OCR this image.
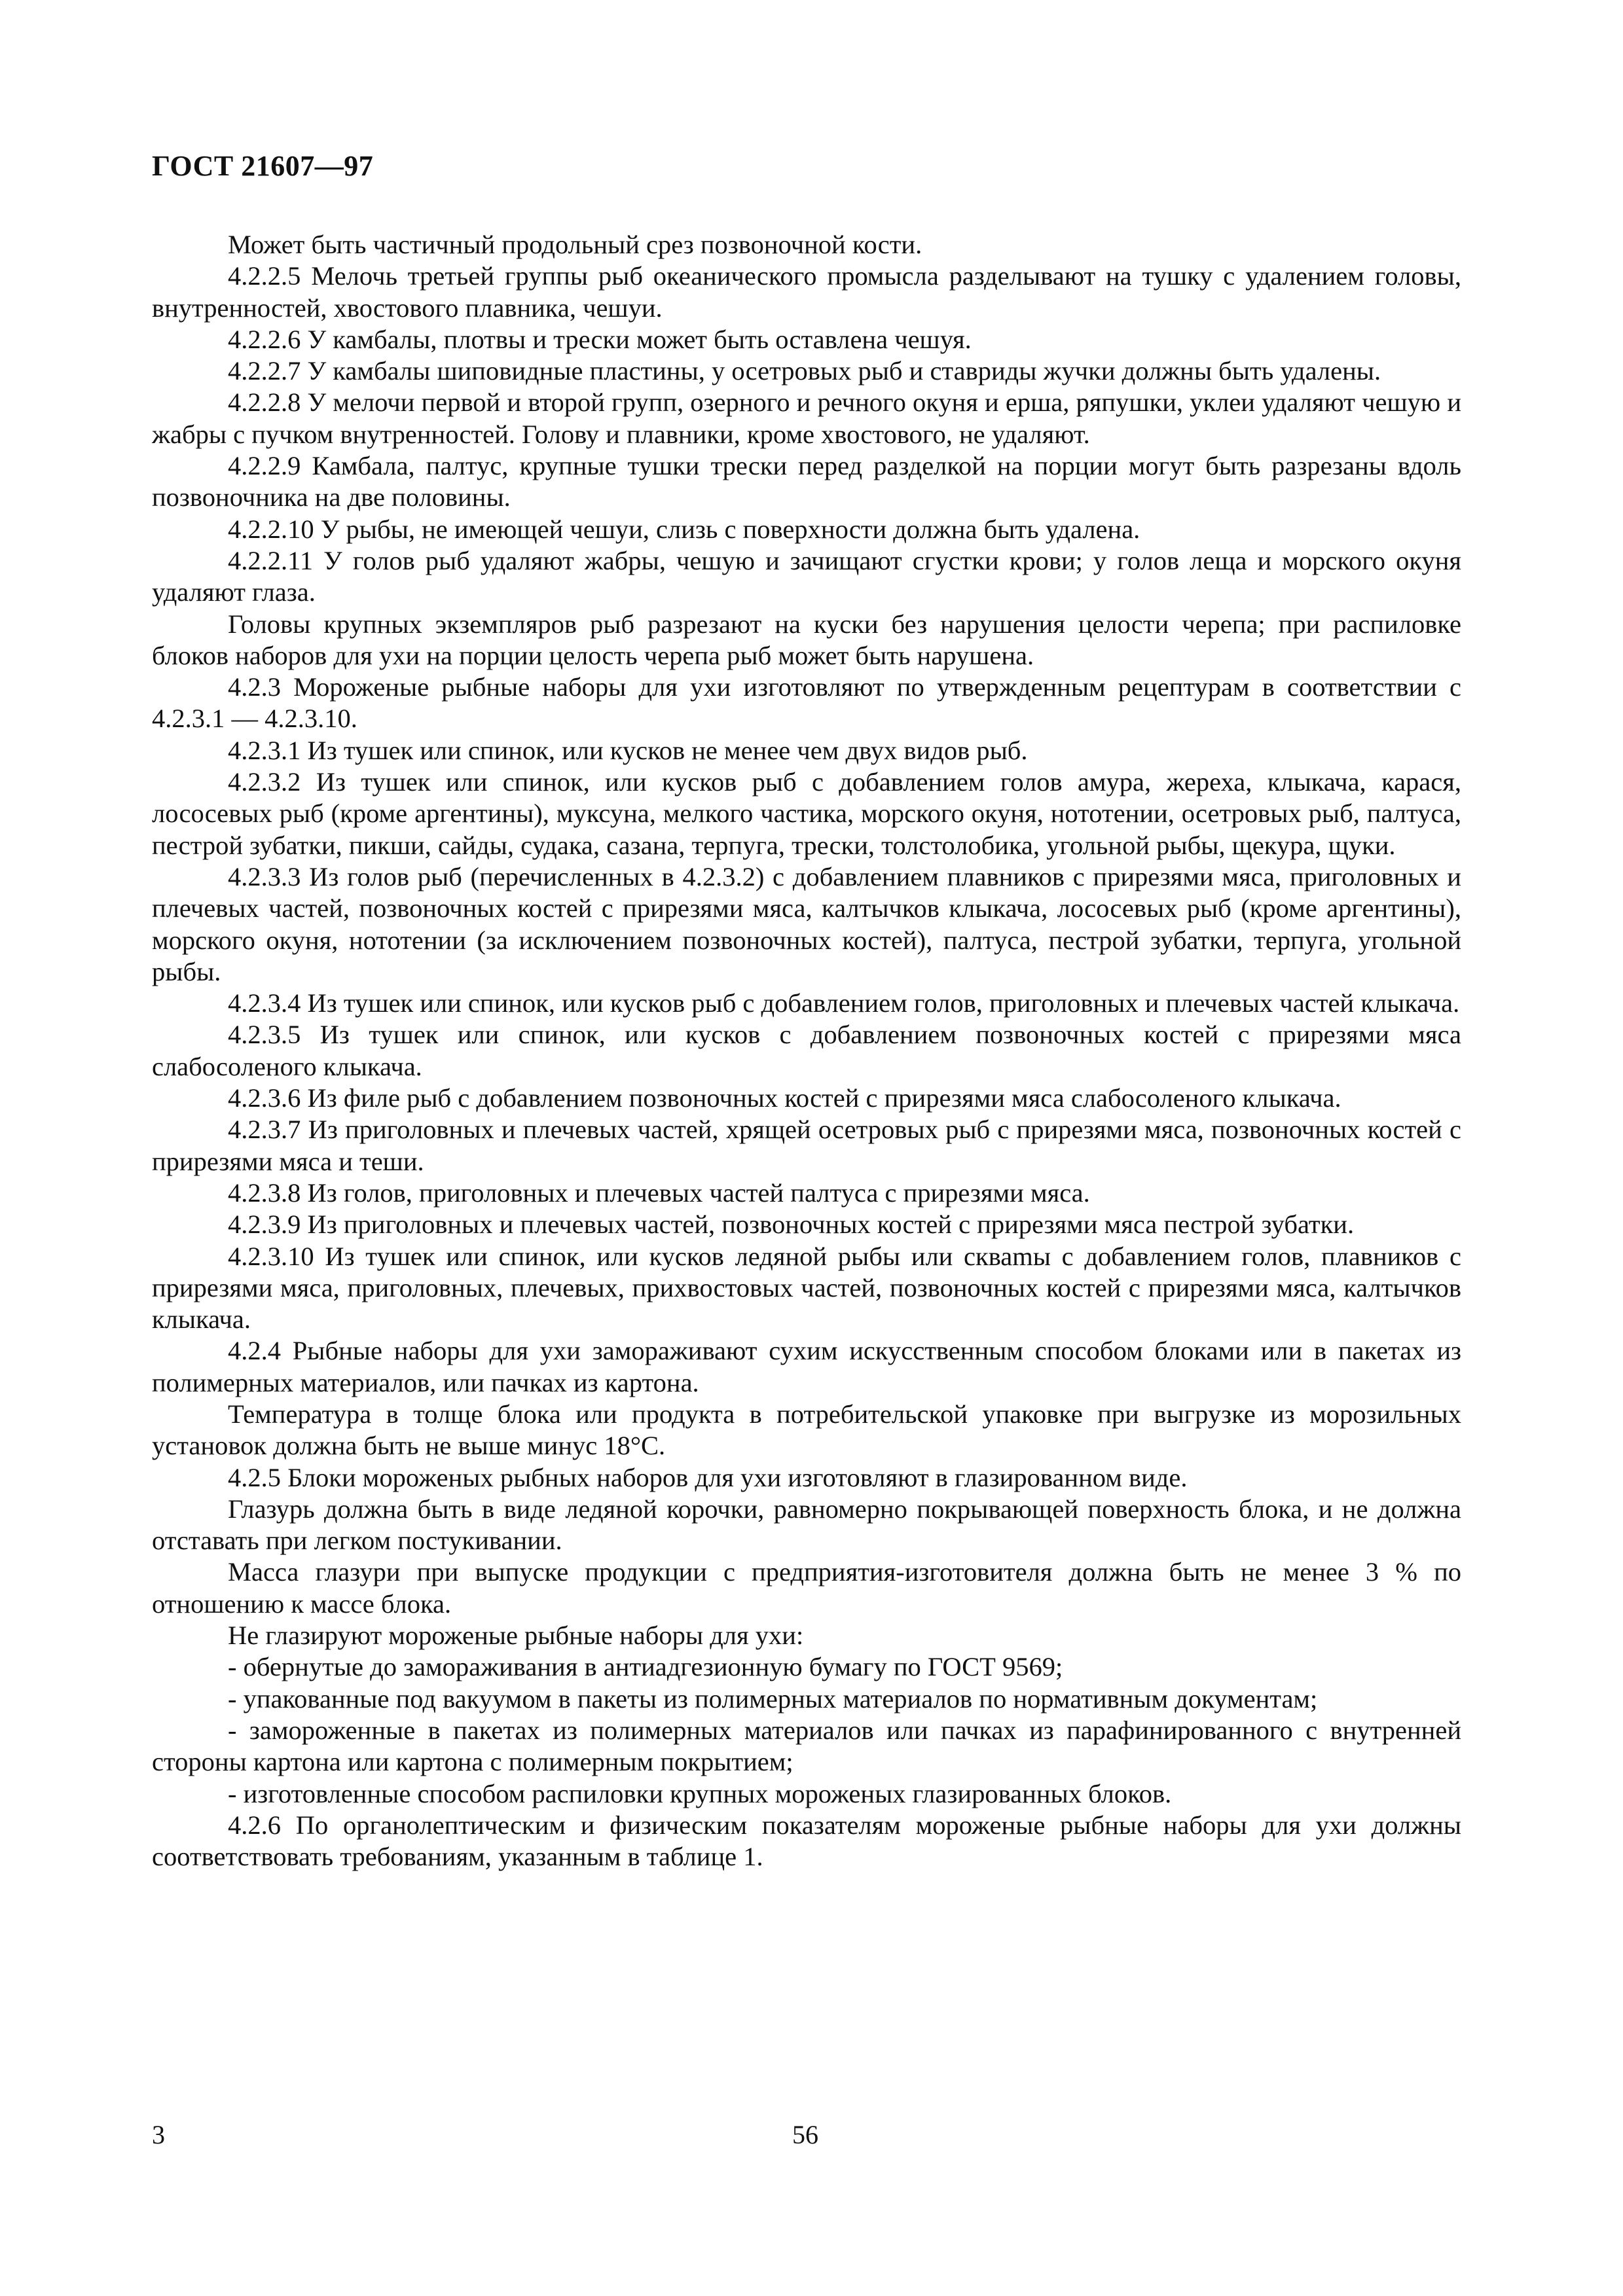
ГОСТ 21607—97

Может быть частичный продольный срез позвоночной кости.

4.2.2.5 Мелочь третьей группы рыб океанического промысла разделывают на тушку с удалением головы, внутренностей, хвостового плавника, чешуи.

4.2.2.6 У камбалы, плотвы и трески может быть оставлена чешуя.

4.2.2.7 У камбалы шиповидные пластины, у осетровых рыб и ставриды жучки должны быть удалены.

4.2.2.8 У мелочи первой и второй групп, озерного и речного окуня и ерша, ряпушки, уклеи удаляют чешую и жабры с пучком внутренностей. Голову и плавники, кроме хвостового, не удаляют.

4.2.2.9 Камбала, палтус, крупные тушки трески перед разделкой на порции могут быть разрезаны вдоль позвоночника на две половины.

4.2.2.10 У рыбы, не имеющей чешуи, слизь с поверхности должна быть удалена.

4.2.2.11 У голов рыб удаляют жабры, чешую и зачищают сгустки крови; у голов леща и морского окуня удаляют глаза.

Головы крупных экземпляров рыб разрезают на куски без нарушения целости черепа; при распиловке блоков наборов для ухи на порции целость черепа рыб может быть нарушена.

4.2.3 Мороженые рыбные наборы для ухи изготовляют по утвержденным рецептурам в соответствии с 4.2.3.1 — 4.2.3.10.

4.2.3.1 Из тушек или спинок, или кусков не менее чем двух видов рыб.

4.2.3.2 Из тушек или спинок, или кусков рыб с добавлением голов амура, жереха, клыкача, карася, лососевых рыб (кроме аргентины), муксуна, мелкого частика, морского окуня, нототении, осетровых рыб, палтуса, пестрой зубатки, пикши, сайды, судака, сазана, терпуга, трески, толстолобика, угольной рыбы, щекура, щуки.

4.2.3.3 Из голов рыб (перечисленных в 4.2.3.2) с добавлением плавников с прирезями мяса, приголовных и плечевых частей, позвоночных костей с прирезями мяса, калтычков клыкача, лососевых рыб (кроме аргентины), морского окуня, нототении (за исключением позвоночных костей), палтуса, пестрой зубатки, терпуга, угольной рыбы.

4.2.3.4 Из тушек или спинок, или кусков рыб с добавлением голов, приголовных и плечевых частей клыкача.

4.2.3.5 Из тушек или спинок, или кусков с добавлением позвоночных костей с прирезями мяса слабосоленого клыкача.

4.2.3.6 Из филе рыб с добавлением позвоночных костей с прирезями мяса слабосоленого клыкача.

4.2.3.7 Из приголовных и плечевых частей, хрящей осетровых рыб с прирезями мяса, позвоночных костей с прирезями мяса и теши.

4.2.3.8 Из голов, приголовных и плечевых частей палтуса с прирезями мяса.

4.2.3.9 Из приголовных и плечевых частей, позвоночных костей с прирезями мяса пестрой зубатки.

4.2.3.10 Из тушек или спинок, или кусков ледяной рыбы или скваmы с добавлением голов, плавников с прирезями мяса, приголовных, плечевых, прихвостовых частей, позвоночных костей с прирезями мяса, калтычков клыкача.

4.2.4 Рыбные наборы для ухи замораживают сухим искусственным способом блоками или в пакетах из полимерных материалов, или пачках из картона.

Температура в толще блока или продукта в потребительской упаковке при выгрузке из морозильных установок должна быть не выше минус 18°С.

4.2.5 Блоки мороженых рыбных наборов для ухи изготовляют в глазированном виде.

Глазурь должна быть в виде ледяной корочки, равномерно покрывающей поверхность блока, и не должна отставать при легком постукивании.

Масса глазури при выпуске продукции с предприятия-изготовителя должна быть не менее 3 % по отношению к массе блока.

Не глазируют мороженые рыбные наборы для ухи:

- обернутые до замораживания в антиадгезионную бумагу по ГОСТ 9569;

- упакованные под вакуумом в пакеты из полимерных материалов по нормативным документам;

- замороженные в пакетах из полимерных материалов или пачках из парафинированного с внутренней стороны картона или картона с полимерным покрытием;

- изготовленные способом распиловки крупных мороженых глазированных блоков.

4.2.6 По органолептическим и физическим показателям мороженые рыбные наборы для ухи должны соответствовать требованиям, указанным в таблице 1.

3	56
